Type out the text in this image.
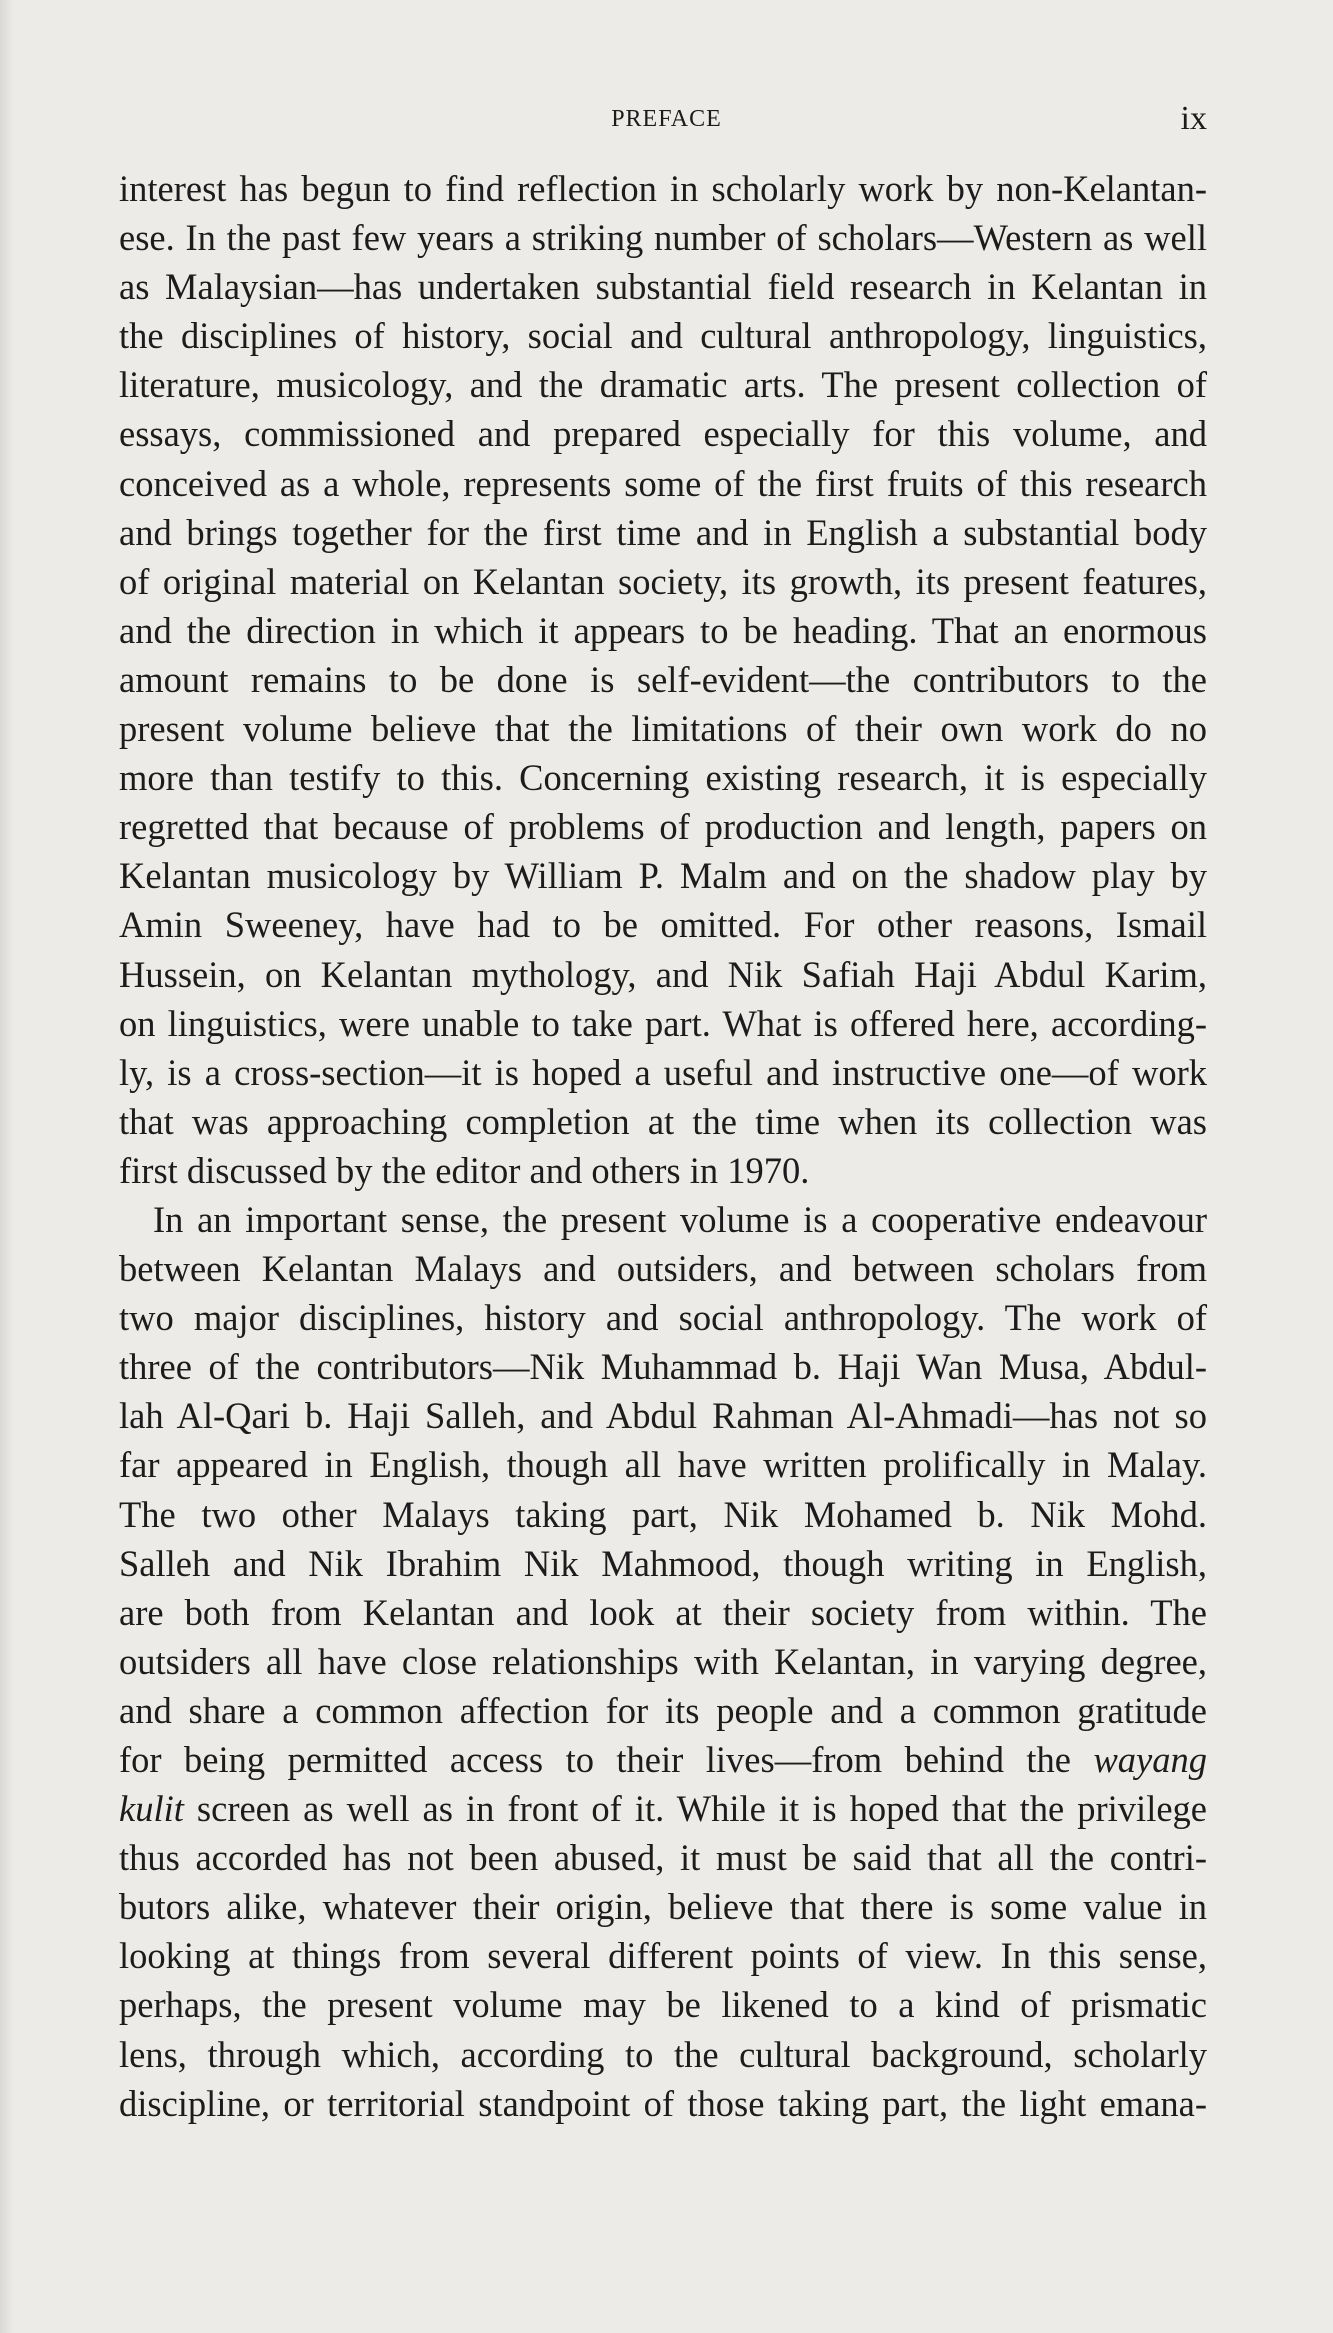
PREFACE	ix
interest has begun to find reflection in scholarly work by non-Kelantan-
ese. In the past few years a striking number of scholars—Western as well
as Malaysian—has undertaken substantial field research in Kelantan in
the disciplines of history, social and cultural anthropology, linguistics,
literature, musicology, and the dramatic arts. The present collection of
essays, commissioned and prepared especially for this volume, and
conceived as a whole, represents some of the first fruits of this research
and brings together for the first time and in English a substantial body
of original material on Kelantan society, its growth, its present features,
and the direction in which it appears to be heading. That an enormous
amount remains to be done is self-evident—the contributors to the
present volume believe that the limitations of their own work do no
more than testify to this. Concerning existing research, it is especially
regretted that because of problems of production and length, papers on
Kelantan musicology by William P. Malm and on the shadow play by
Amin Sweeney, have had to be omitted. For other reasons, Ismail
Hussein, on Kelantan mythology, and Nik Safiah Haji Abdul Karim,
on linguistics, were unable to take part. What is offered here, according-
ly, is a cross-section—it is hoped a useful and instructive one—of work
that was approaching completion at the time when its collection was
first discussed by the editor and others in 1970.
In an important sense, the present volume is a cooperative endeavour
between Kelantan Malays and outsiders, and between scholars from
two major disciplines, history and social anthropology. The work of
three of the contributors—Nik Muhammad b. Haji Wan Musa, Abdul-
lah Al-Qari b. Haji Salleh, and Abdul Rahman Al-Ahmadi—has not so
far appeared in English, though all have written prolifically in Malay.
The two other Malays taking part, Nik Mohamed b. Nik Mohd.
Salleh and Nik Ibrahim Nik Mahmood, though writing in English,
are both from Kelantan and look at their society from within. The
outsiders all have close relationships with Kelantan, in varying degree,
and share a common affection for its people and a common gratitude
for being permitted access to their lives—from behind the wayang
kulit screen as well as in front of it. While it is hoped that the privilege
thus accorded has not been abused, it must be said that all the contri-
butors alike, whatever their origin, believe that there is some value in
looking at things from several different points of view. In this sense,
perhaps, the present volume may be likened to a kind of prismatic
lens, through which, according to the cultural background, scholarly
discipline, or territorial standpoint of those taking part, the light emana-
